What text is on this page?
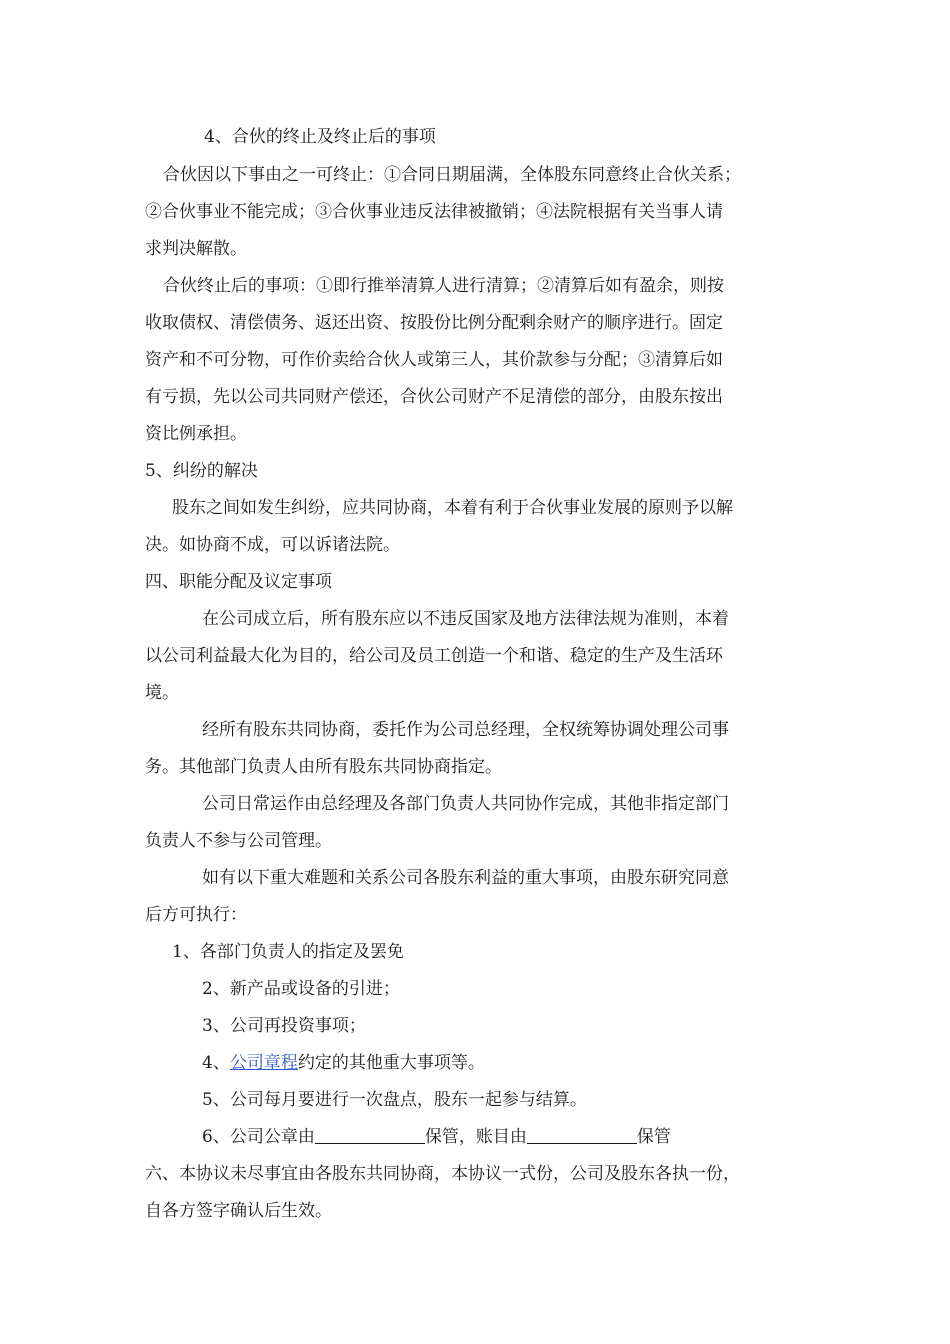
4、合伙的终止及终止后的事项
合伙因以下事由之一可终止：①合同日期届满，全体股东同意终止合伙关系；
②合伙事业不能完成；③合伙事业违反法律被撤销；④法院根据有关当事人请
求判决解散。
合伙终止后的事项：①即行推举清算人进行清算；②清算后如有盈余，则按
收取债权、清偿债务、返还出资、按股份比例分配剩余财产的顺序进行。固定
资产和不可分物，可作价卖给合伙人或第三人，其价款参与分配；③清算后如
有亏损，先以公司共同财产偿还，合伙公司财产不足清偿的部分，由股东按出
资比例承担。
5、纠纷的解决
股东之间如发生纠纷，应共同协商，本着有利于合伙事业发展的原则予以解
决。如协商不成，可以诉诸法院。
四、职能分配及议定事项
在公司成立后，所有股东应以不违反国家及地方法律法规为准则，本着
以公司利益最大化为目的，给公司及员工创造一个和谐、稳定的生产及生活环
境。
经所有股东共同协商，委托作为公司总经理，全权统筹协调处理公司事
务。其他部门负责人由所有股东共同协商指定。
公司日常运作由总经理及各部门负责人共同协作完成，其他非指定部门
负责人不参与公司管理。
如有以下重大难题和关系公司各股东利益的重大事项，由股东研究同意
后方可执行：
1、各部门负责人的指定及罢免
2、新产品或设备的引进；
3、公司再投资事项；
4、公司章程约定的其他重大事项等。
5、公司每月要进行一次盘点，股东一起参与结算。
6、公司公章由	保管，账目由	保管
六、本协议未尽事宜由各股东共同协商，本协议一式份，公司及股东各执一份，
自各方签字确认后生效。
